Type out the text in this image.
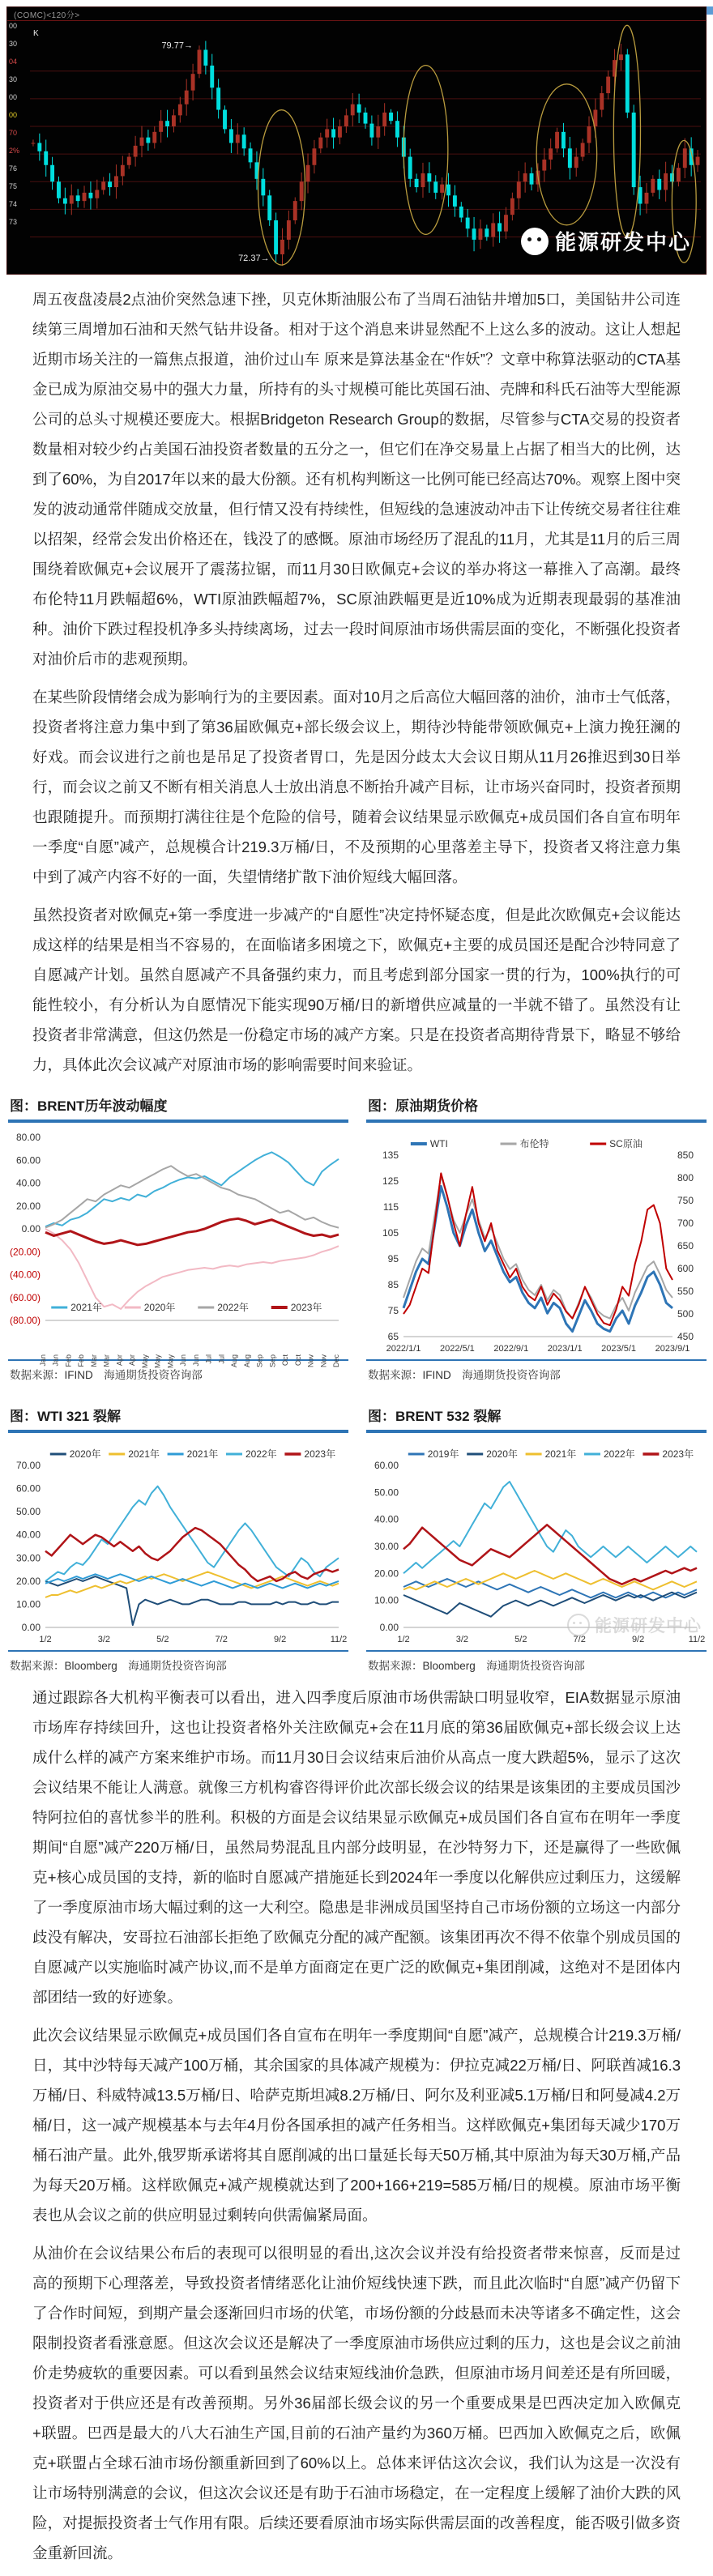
(COMC)<120分>
00
30
04
30
00
00
70
2%
76
75
74
73
K
79.77→
72.37→
能源研发中心

周五夜盘凌晨2点油价突然急速下挫，贝克休斯油服公布了当周石油钻井增加5口，美国钻井公司连续第三周增加石油和天然气钻井设备。相对于这个消息来讲显然配不上这么多的波动。这让人想起近期市场关注的一篇焦点报道，油价过山车 原来是算法基金在“作妖”？文章中称算法驱动的CTA基金已成为原油交易中的强大力量，所持有的头寸规模可能比英国石油、壳牌和科氏石油等大型能源公司的总头寸规模还要庞大。根据Bridgeton Research Group的数据，尽管参与CTA交易的投资者数量相对较少约占美国石油投资者数量的五分之一，但它们在净交易量上占据了相当大的比例，达到了60%，为自2017年以来的最大份额。还有机构判断这一比例可能已经高达70%。观察上图中突发的波动通常伴随成交放量，但行情又没有持续性，但短线的急速波动冲击下让传统交易者往往难以招架，经常会发出价格还在，钱没了的感慨。原油市场经历了混乱的11月，尤其是11月的后三周围绕着欧佩克+会议展开了震荡拉锯，而11月30日欧佩克+会议的举办将这一幕推入了高潮。最终布伦特11月跌幅超6%，WTI原油跌幅超7%，SC原油跌幅更是近10%成为近期表现最弱的基准油种。油价下跌过程投机净多头持续离场，过去一段时间原油市场供需层面的变化，不断强化投资者对油价后市的悲观预期。

在某些阶段情绪会成为影响行为的主要因素。面对10月之后高位大幅回落的油价，油市士气低落，投资者将注意力集中到了第36届欧佩克+部长级会议上，期待沙特能带领欧佩克+上演力挽狂澜的好戏。而会议进行之前也是吊足了投资者胃口，先是因分歧太大会议日期从11月26推迟到30日举行，而会议之前又不断有相关消息人士放出消息不断抬升减产目标，让市场兴奋同时，投资者预期也跟随提升。而预期打满往往是个危险的信号，随着会议结果显示欧佩克+成员国们各自宣布明年一季度“自愿”减产，总规模合计219.3万桶/日，不及预期的心里落差主导下，投资者又将注意力集中到了减产内容不好的一面，失望情绪扩散下油价短线大幅回落。

虽然投资者对欧佩克+第一季度进一步减产的“自愿性”决定持怀疑态度，但是此次欧佩克+会议能达成这样的结果是相当不容易的，在面临诸多困境之下，欧佩克+主要的成员国还是配合沙特同意了自愿减产计划。虽然自愿减产不具备强约束力，而且考虑到部分国家一贯的行为，100%执行的可能性较小，有分析认为自愿情况下能实现90万桶/日的新增供应减量的一半就不错了。虽然没有让投资者非常满意，但这仍然是一份稳定市场的减产方案。只是在投资者高期待背景下，略显不够给力，具体此次会议减产对原油市场的影响需要时间来验证。

图：BRENT历年波动幅度
80.00
60.00
40.00
20.00
0.00
(20.00)
(40.00)
(60.00)
(80.00)
Jan Jan Feb Feb Mar Mar Apr Apr May May May Jun Jun Jul Jul Aug Aug Sep Sep Oct Oct Nov Nov Dec
2021年	2020年	2022年	2023年
数据来源：IFIND　海通期货投资咨询部
图：原油期货价格
135
125
115
105
95
85
75
65
850
800
750
700
650
600
550
500
450
2022/1/1 2022/5/1 2022/9/1 2023/1/1 2023/5/1 2023/9/1
WTI	布伦特	SC原油
数据来源：IFIND　海通期货投资咨询部
图：WTI 321 裂解
70.00
60.00
50.00
40.00
30.00
20.00
10.00
0.00
1/2	3/2	5/2	7/2	9/2	11/2
2020年	2021年	2021年	2022年	2023年
数据来源：Bloomberg　海通期货投资咨询部
图：BRENT 532 裂解
60.00
50.00
40.00
30.00
20.00
10.00
0.00
1/2	3/2	5/2	7/2	9/2	11/2
2019年	2020年	2021年	2022年	2023年
能源研发中心
数据来源：Bloomberg　海通期货投资咨询部

通过跟踪各大机构平衡表可以看出，进入四季度后原油市场供需缺口明显收窄，EIA数据显示原油市场库存持续回升，这也让投资者格外关注欧佩克+会在11月底的第36届欧佩克+部长级会议上达成什么样的减产方案来维护市场。而11月30日会议结束后油价从高点一度大跌超5%，显示了这次会议结果不能让人满意。就像三方机构睿咨得评价此次部长级会议的结果是该集团的主要成员国沙特阿拉伯的喜忧参半的胜利。积极的方面是会议结果显示欧佩克+成员国们各自宣布在明年一季度期间“自愿”减产220万桶/日，虽然局势混乱且内部分歧明显，在沙特努力下，还是赢得了一些欧佩克+核心成员国的支持，新的临时自愿减产措施延长到2024年一季度以化解供应过剩压力，这缓解了一季度原油市场大幅过剩的这一大利空。隐患是非洲成员国坚持自己市场份额的立场这一内部分歧没有解决，安哥拉石油部长拒绝了欧佩克分配的减产配额。该集团再次不得不依靠个别成员国的自愿减产以实施临时减产协议,而不是单方面商定在更广泛的欧佩克+集团削减，这绝对不是团体内部团结一致的好迹象。

此次会议结果显示欧佩克+成员国们各自宣布在明年一季度期间“自愿”减产，总规模合计219.3万桶/日，其中沙特每天减产100万桶，其余国家的具体减产规模为：伊拉克减22万桶/日、阿联酋减16.3万桶/日、科威特减13.5万桶/日、哈萨克斯坦减8.2万桶/日、阿尔及利亚减5.1万桶/日和阿曼减4.2万桶/日，这一减产规模基本与去年4月份各国承担的减产任务相当。这样欧佩克+集团每天减少170万桶石油产量。此外,俄罗斯承诺将其自愿削减的出口量延长每天50万桶,其中原油为每天30万桶,产品为每天20万桶。这样欧佩克+减产规模就达到了200+166+219=585万桶/日的规模。原油市场平衡表也从会议之前的供应明显过剩转向供需偏紧局面。

从油价在会议结果公布后的表现可以很明显的看出,这次会议并没有给投资者带来惊喜，反而是过高的预期下心理落差，导致投资者情绪恶化让油价短线快速下跌，而且此次临时“自愿”减产仍留下了合作时间短，到期产量会逐渐回归市场的伏笔，市场份额的分歧悬而未决等诸多不确定性，这会限制投资者看涨意愿。但这次会议还是解决了一季度原油市场供应过剩的压力，这也是会议之前油价走势疲软的重要因素。可以看到虽然会议结束短线油价急跌，但原油市场月间差还是有所回暖，投资者对于供应还是有改善预期。另外36届部长级会议的另一个重要成果是巴西决定加入欧佩克+联盟。巴西是最大的八大石油生产国,目前的石油产量约为360万桶。巴西加入欧佩克之后，欧佩克+联盟占全球石油市场份额重新回到了60%以上。总体来评估这次会议，我们认为这是一次没有让市场特别满意的会议，但这次会议还是有助于石油市场稳定，在一定程度上缓解了油价大跌的风险，对提振投资者士气作用有限。后续还要看原油市场实际供需层面的改善程度，能否吸引做多资金重新回流。
